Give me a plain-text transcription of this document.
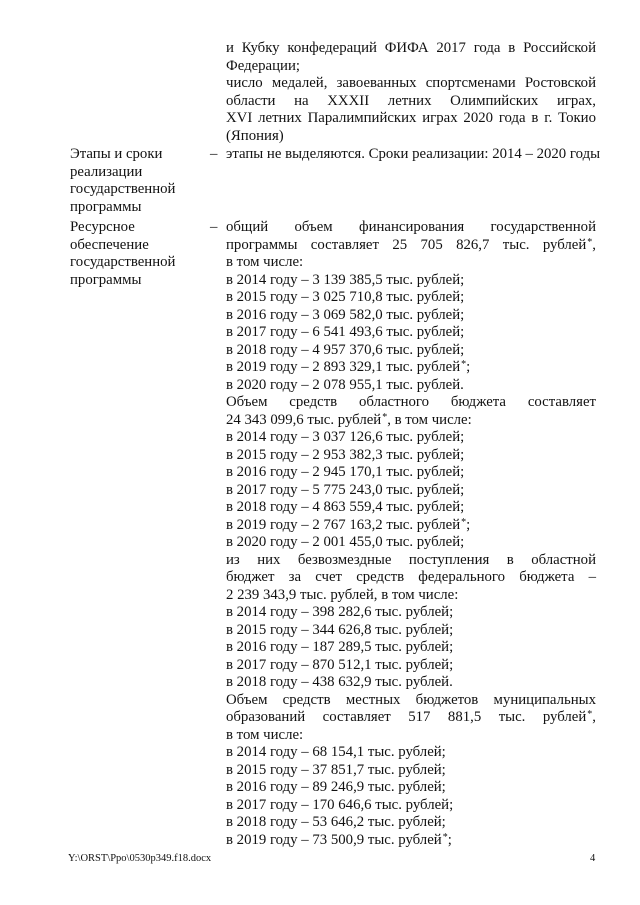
и Кубку конфедераций ФИФА 2017 года в Российской
Федерации;
число медалей, завоеванных спортсменами Ростовской
области на XXXII летних Олимпийских играх,
XVI летних Паралимпийских играх 2020 года в г. Токио
(Япония)
Этапы и сроки
реализации
государственной
программы
– этапы не выделяются. Сроки реализации: 2014 – 2020 годы
Ресурсное
обеспечение
государственной
программы
– общий объем финансирования государственной
программы составляет 25 705 826,7 тыс. рублей*,
в том числе:
в 2014 году – 3 139 385,5 тыс. рублей;
в 2015 году – 3 025 710,8 тыс. рублей;
в 2016 году – 3 069 582,0 тыс. рублей;
в 2017 году – 6 541 493,6 тыс. рублей;
в 2018 году – 4 957 370,6 тыс. рублей;
в 2019 году – 2 893 329,1 тыс. рублей*;
в 2020 году – 2 078 955,1 тыс. рублей.
Объем средств областного бюджета составляет
24 343 099,6 тыс. рублей*, в том числе:
в 2014 году – 3 037 126,6 тыс. рублей;
в 2015 году – 2 953 382,3 тыс. рублей;
в 2016 году – 2 945 170,1 тыс. рублей;
в 2017 году – 5 775 243,0 тыс. рублей;
в 2018 году – 4 863 559,4 тыс. рублей;
в 2019 году – 2 767 163,2 тыс. рублей*;
в 2020 году – 2 001 455,0 тыс. рублей;
из них безвозмездные поступления в областной
бюджет за счет средств федерального бюджета –
2 239 343,9 тыс. рублей, в том числе:
в 2014 году – 398 282,6 тыс. рублей;
в 2015 году – 344 626,8 тыс. рублей;
в 2016 году – 187 289,5 тыс. рублей;
в 2017 году – 870 512,1 тыс. рублей;
в 2018 году – 438 632,9 тыс. рублей.
Объем средств местных бюджетов муниципальных
образований составляет 517 881,5 тыс. рублей*,
в том числе:
в 2014 году – 68 154,1 тыс. рублей;
в 2015 году – 37 851,7 тыс. рублей;
в 2016 году – 89 246,9 тыс. рублей;
в 2017 году – 170 646,6 тыс. рублей;
в 2018 году – 53 646,2 тыс. рублей;
в 2019 году – 73 500,9 тыс. рублей*;
Y:\ORST\Ppo\0530p349.f18.docx	4
